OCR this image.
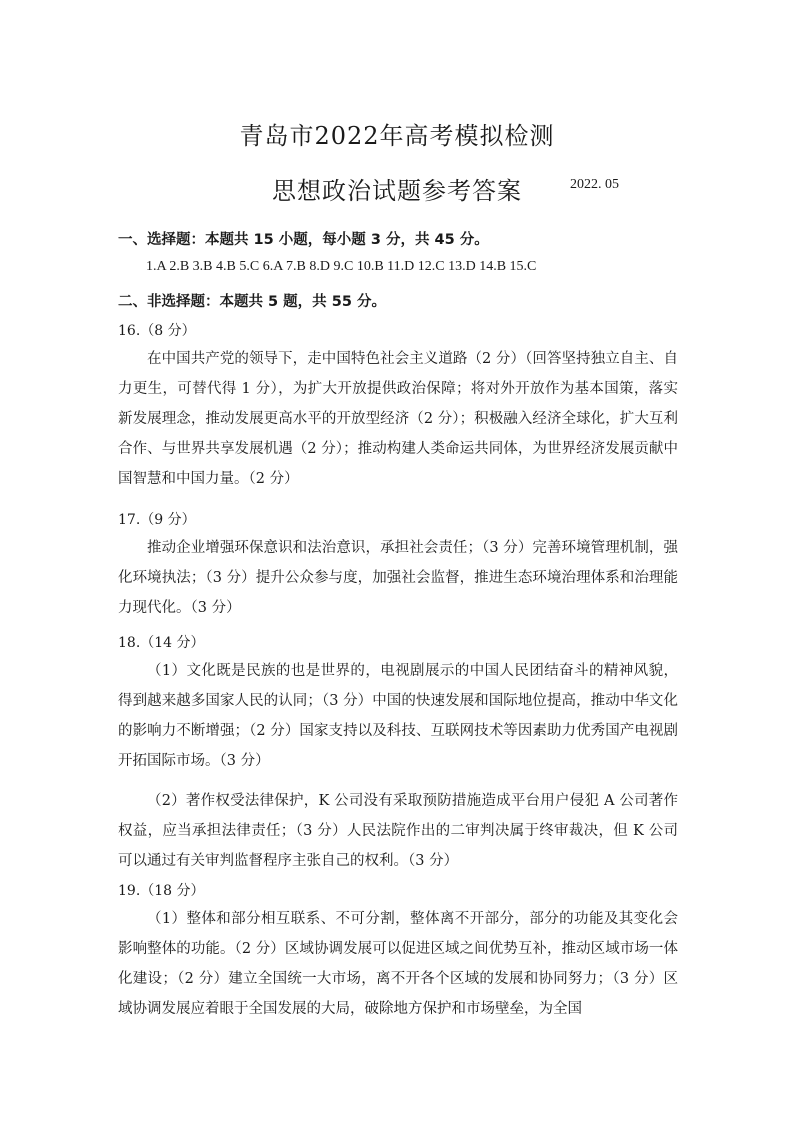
青岛市2022年高考模拟检测
思想政治试题参考答案	2022. 05
一、选择题：本题共 15 小题，每小题 3 分，共 45 分。
1.A 2.B 3.B 4.B 5.C 6.A 7.B 8.D 9.C 10.B 11.D 12.C 13.D 14.B 15.C
二、非选择题：本题共 5 题，共 55 分。
16.（8 分）
在中国共产党的领导下，走中国特色社会主义道路（2 分）（回答坚持独立自主、自力更生，可替代得 1 分），为扩大开放提供政治保障；将对外开放作为基本国策，落实新发展理念，推动发展更高水平的开放型经济（2 分）；积极融入经济全球化，扩大互利合作、与世界共享发展机遇（2 分）；推动构建人类命运共同体，为世界经济发展贡献中国智慧和中国力量。（2 分）
17.（9 分）
推动企业增强环保意识和法治意识，承担社会责任；（3 分）完善环境管理机制，强化环境执法；（3 分）提升公众参与度，加强社会监督，推进生态环境治理体系和治理能力现代化。（3 分）
18.（14 分）
（1）文化既是民族的也是世界的，电视剧展示的中国人民团结奋斗的精神风貌，得到越来越多国家人民的认同；（3 分）中国的快速发展和国际地位提高，推动中华文化的影响力不断增强；（2 分）国家支持以及科技、互联网技术等因素助力优秀国产电视剧开拓国际市场。（3 分）
（2）著作权受法律保护，K 公司没有采取预防措施造成平台用户侵犯 A 公司著作权益，应当承担法律责任；（3 分）人民法院作出的二审判决属于终审裁决，但 K 公司可以通过有关审判监督程序主张自己的权利。（3 分）
19.（18 分）
（1）整体和部分相互联系、不可分割，整体离不开部分，部分的功能及其变化会影响整体的功能。（2 分）区域协调发展可以促进区域之间优势互补，推动区域市场一体化建设；（2 分）建立全国统一大市场，离不开各个区域的发展和协同努力；（3 分）区域协调发展应着眼于全国发展的大局，破除地方保护和市场壁垒，为全国
